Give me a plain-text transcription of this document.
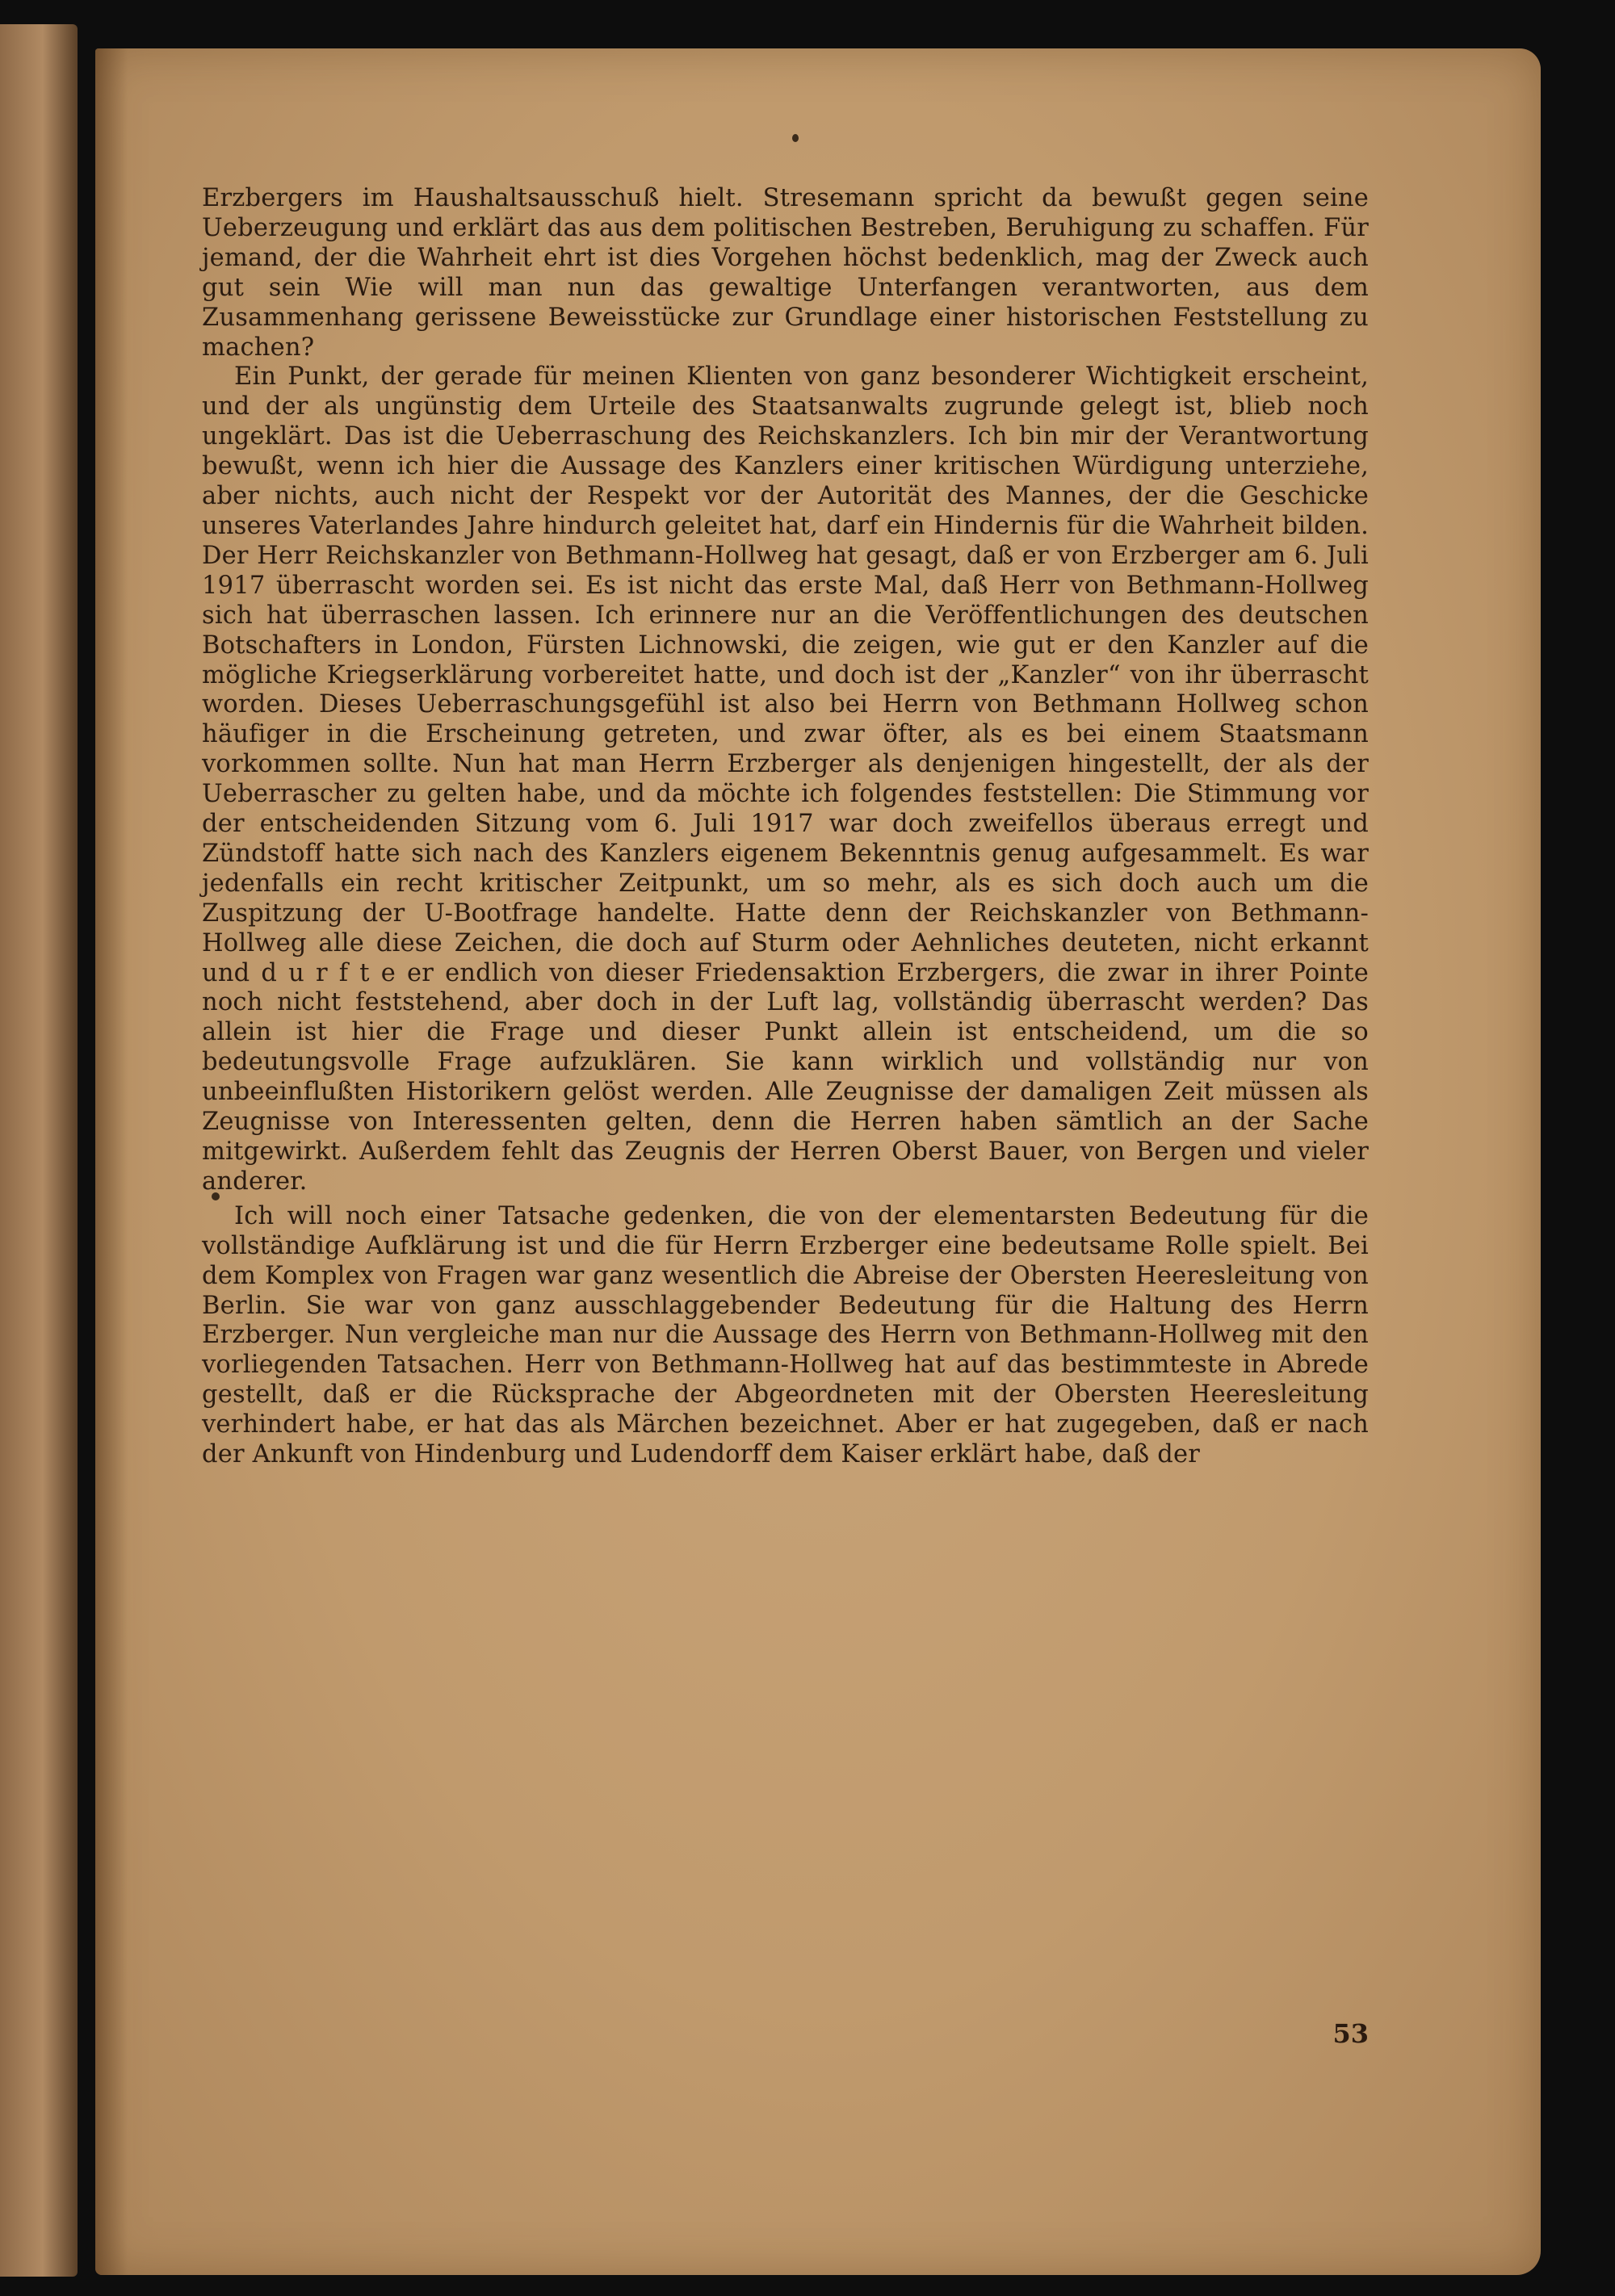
Erzbergers im Haushaltsausschuß hielt. Stresemann spricht da bewußt gegen seine Ueberzeugung und erklärt das aus dem politischen Bestreben, Beruhigung zu schaffen. Für jemand, der die Wahrheit ehrt ist dies Vorgehen höchst bedenklich, mag der Zweck auch gut sein Wie will man nun das gewaltige Unterfangen verantworten, aus dem Zusammenhang gerissene Beweisstücke zur Grundlage einer historischen Feststellung zu machen?

Ein Punkt, der gerade für meinen Klienten von ganz besonderer Wichtigkeit erscheint, und der als ungünstig dem Urteile des Staatsanwalts zugrunde gelegt ist, blieb noch ungeklärt. Das ist die Ueberraschung des Reichskanzlers. Ich bin mir der Verantwortung bewußt, wenn ich hier die Aussage des Kanzlers einer kritischen Würdigung unterziehe, aber nichts, auch nicht der Respekt vor der Autorität des Mannes, der die Geschicke unseres Vaterlandes Jahre hindurch geleitet hat, darf ein Hindernis für die Wahrheit bilden. Der Herr Reichskanzler von Bethmann-Hollweg hat gesagt, daß er von Erzberger am 6. Juli 1917 überrascht worden sei. Es ist nicht das erste Mal, daß Herr von Bethmann-Hollweg sich hat überraschen lassen. Ich erinnere nur an die Veröffentlichungen des deutschen Botschafters in London, Fürsten Lichnowski, die zeigen, wie gut er den Kanzler auf die mögliche Kriegserklärung vorbereitet hatte, und doch ist der „Kanzler“ von ihr überrascht worden. Dieses Ueberraschungsgefühl ist also bei Herrn von Bethmann Hollweg schon häufiger in die Erscheinung getreten, und zwar öfter, als es bei einem Staatsmann vorkommen sollte. Nun hat man Herrn Erzberger als denjenigen hingestellt, der als der Ueberrascher zu gelten habe, und da möchte ich folgendes feststellen: Die Stimmung vor der entscheidenden Sitzung vom 6. Juli 1917 war doch zweifellos überaus erregt und Zündstoff hatte sich nach des Kanzlers eigenem Bekenntnis genug aufgesammelt. Es war jedenfalls ein recht kritischer Zeitpunkt, um so mehr, als es sich doch auch um die Zuspitzung der U-Bootfrage handelte. Hatte denn der Reichskanzler von Bethmann-Hollweg alle diese Zeichen, die doch auf Sturm oder Aehnliches deuteten, nicht erkannt und d u r f t e er endlich von dieser Friedensaktion Erzbergers, die zwar in ihrer Pointe noch nicht feststehend, aber doch in der Luft lag, vollständig überrascht werden? Das allein ist hier die Frage und dieser Punkt allein ist entscheidend, um die so bedeutungsvolle Frage aufzuklären. Sie kann wirklich und vollständig nur von unbeeinflußten Historikern gelöst werden. Alle Zeugnisse der damaligen Zeit müssen als Zeugnisse von Interessenten gelten, denn die Herren haben sämtlich an der Sache mitgewirkt. Außerdem fehlt das Zeugnis der Herren Oberst Bauer, von Bergen und vieler anderer.

Ich will noch einer Tatsache gedenken, die von der elementarsten Bedeutung für die vollständige Aufklärung ist und die für Herrn Erzberger eine bedeutsame Rolle spielt. Bei dem Komplex von Fragen war ganz wesentlich die Abreise der Obersten Heeresleitung von Berlin. Sie war von ganz ausschlaggebender Bedeutung für die Haltung des Herrn Erzberger. Nun vergleiche man nur die Aussage des Herrn von Bethmann-Hollweg mit den vorliegenden Tatsachen. Herr von Bethmann-Hollweg hat auf das bestimmteste in Abrede gestellt, daß er die Rücksprache der Abgeordneten mit der Obersten Heeresleitung verhindert habe, er hat das als Märchen bezeichnet. Aber er hat zugegeben, daß er nach der Ankunft von Hindenburg und Ludendorff dem Kaiser erklärt habe, daß der

53
